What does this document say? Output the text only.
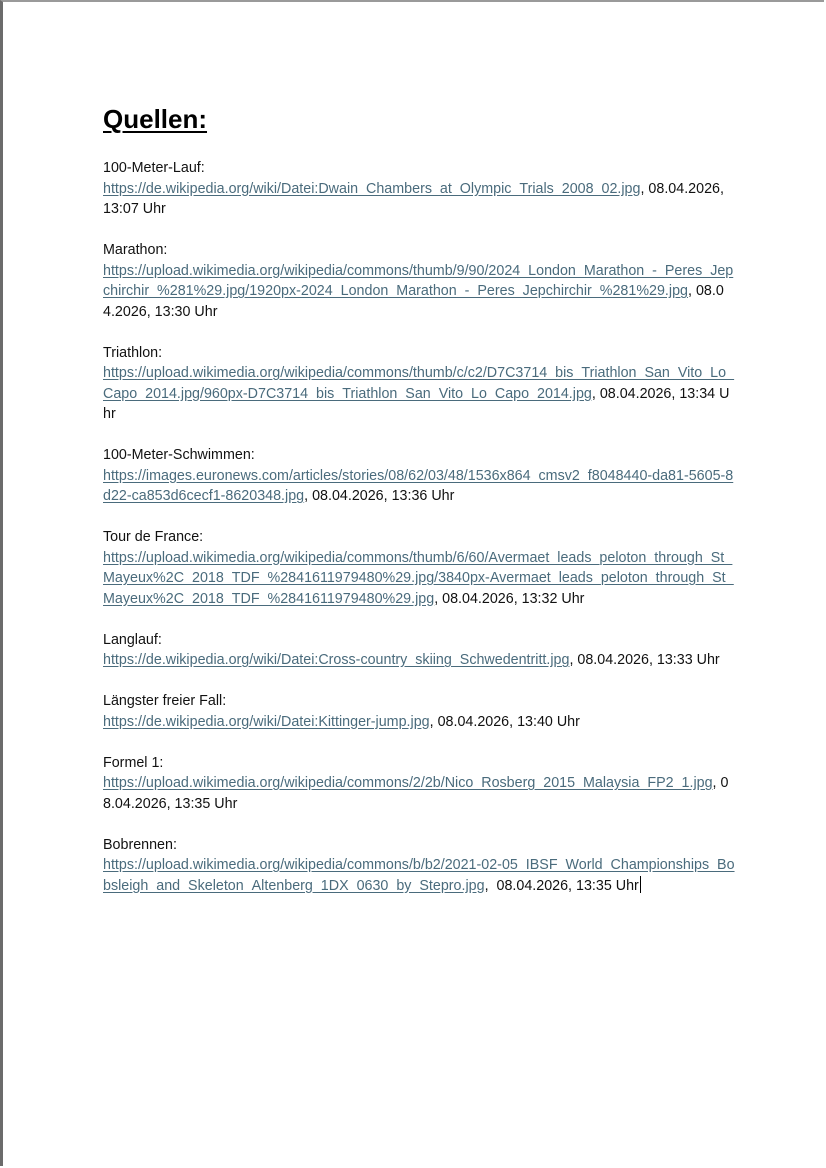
Quellen:
100-Meter-Lauf:
https://de.wikipedia.org/wiki/Datei:Dwain_Chambers_at_Olympic_Trials_2008_02.jpg, 08.04.2026, 13:07 Uhr
Marathon:
https://upload.wikimedia.org/wikipedia/commons/thumb/9/90/2024_London_Marathon_-_Peres_Jepchirchir_%281%29.jpg/1920px-2024_London_Marathon_-_Peres_Jepchirchir_%281%29.jpg, 08.04.2026, 13:30 Uhr
Triathlon:
https://upload.wikimedia.org/wikipedia/commons/thumb/c/c2/D7C3714_bis_Triathlon_San_Vito_Lo_Capo_2014.jpg/960px-D7C3714_bis_Triathlon_San_Vito_Lo_Capo_2014.jpg, 08.04.2026, 13:34 Uhr
100-Meter-Schwimmen:
https://images.euronews.com/articles/stories/08/62/03/48/1536x864_cmsv2_f8048440-da81-5605-8d22-ca853d6cecf1-8620348.jpg, 08.04.2026, 13:36 Uhr
Tour de France:
https://upload.wikimedia.org/wikipedia/commons/thumb/6/60/Avermaet_leads_peloton_through_St_Mayeux%2C_2018_TDF_%2841611979480%29.jpg/3840px-Avermaet_leads_peloton_through_St_Mayeux%2C_2018_TDF_%2841611979480%29.jpg, 08.04.2026, 13:32 Uhr
Langlauf:
https://de.wikipedia.org/wiki/Datei:Cross-country_skiing_Schwedentritt.jpg, 08.04.2026, 13:33 Uhr
Längster freier Fall:
https://de.wikipedia.org/wiki/Datei:Kittinger-jump.jpg, 08.04.2026, 13:40 Uhr
Formel 1:
https://upload.wikimedia.org/wikipedia/commons/2/2b/Nico_Rosberg_2015_Malaysia_FP2_1.jpg, 08.04.2026, 13:35 Uhr
Bobrennen:
https://upload.wikimedia.org/wikipedia/commons/b/b2/2021-02-05_IBSF_World_Championships_Bobsleigh_and_Skeleton_Altenberg_1DX_0630_by_Stepro.jpg,  08.04.2026, 13:35 Uhr
